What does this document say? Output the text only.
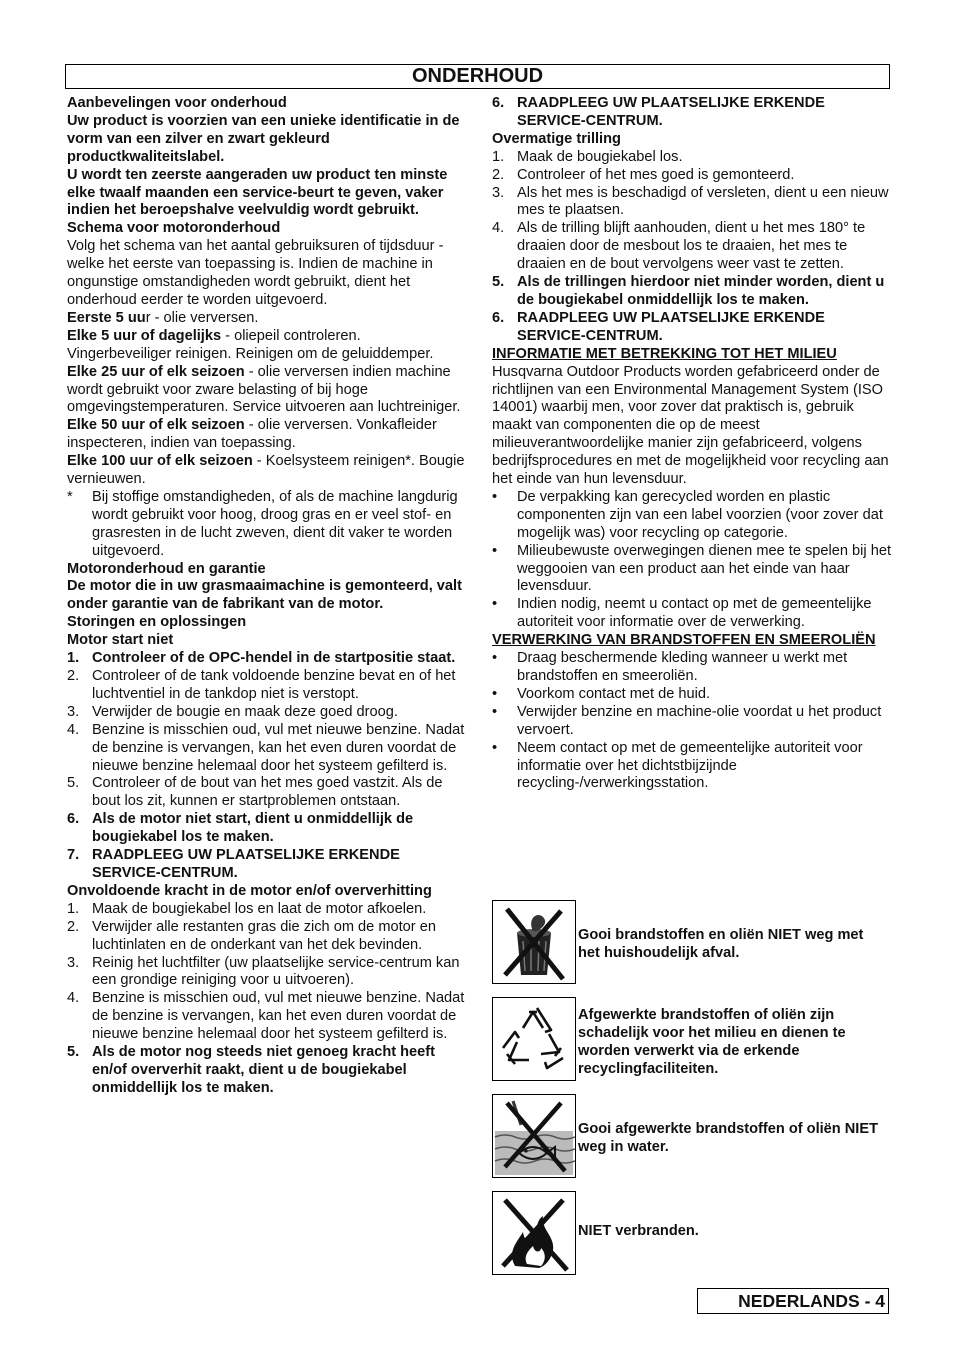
ONDERHOUD

Aanbevelingen voor onderhoud

Uw product is voorzien van een unieke identificatie in de vorm van een zilver en zwart gekleurd productkwaliteitslabel.

U wordt ten zeerste aangeraden uw product ten minste elke twaalf maanden een service-beurt te geven, vaker indien het beroepshalve veelvuldig wordt gebruikt.

Schema voor motoronderhoud

Volg het schema van het aantal gebruiksuren of tijdsduur - welke het eerste van toepassing is. Indien de machine in ongunstige omstandigheden wordt gebruikt, dient het onderhoud eerder te worden uitgevoerd.

Eerste 5 uur - olie verversen.

Elke 5 uur of dagelijks - oliepeil controleren. Vingerbeveiliger reinigen. Reinigen om de geluiddemper.

Elke 25 uur of elk seizoen - olie verversen indien machine wordt gebruikt voor zware belasting of bij hoge omgevingstemperaturen. Service uitvoeren aan luchtreiniger.

Elke 50 uur of elk seizoen - olie verversen. Vonkafleider inspecteren, indien van toepassing.

Elke 100 uur of elk seizoen - Koelsysteem reinigen*. Bougie vernieuwen.

* Bij stoffige omstandigheden, of als de machine langdurig wordt gebruikt voor hoog, droog gras en er veel stof- en grasresten in de lucht zweven, dient dit vaker te worden uitgevoerd.

Motoronderhoud en garantie

De motor die in uw grasmaaimachine is gemonteerd, valt onder garantie van de fabrikant van de motor.

Storingen en oplossingen

Motor start niet

1. Controleer of de OPC-hendel in de startpositie staat.
2. Controleer of de tank voldoende benzine bevat en of het luchtventiel in de tankdop niet is verstopt.
3. Verwijder de bougie en maak deze goed droog.
4. Benzine is misschien oud, vul met nieuwe benzine. Nadat de benzine is vervangen, kan het even duren voordat de nieuwe benzine helemaal door het systeem gefilterd is.
5. Controleer of de bout van het mes goed vastzit. Als de bout los zit, kunnen er startproblemen ontstaan.
6. Als de motor niet start, dient u onmiddellijk de bougiekabel los te maken.
7. RAADPLEEG UW PLAATSELIJKE ERKENDE SERVICE-CENTRUM.

Onvoldoende kracht in de motor en/of oververhitting

1. Maak de bougiekabel los en laat de motor afkoelen.
2. Verwijder alle restanten gras die zich om de motor en luchtinlaten en de onderkant van het dek bevinden.
3. Reinig het luchtfilter (uw plaatselijke service-centrum kan een grondige reiniging voor u uitvoeren).
4. Benzine is misschien oud, vul met nieuwe benzine. Nadat de benzine is vervangen, kan het even duren voordat de nieuwe benzine helemaal door het systeem gefilterd is.
5. Als de motor nog steeds niet genoeg kracht heeft en/of oververhit raakt, dient u de bougiekabel onmiddellijk los te maken.
6. RAADPLEEG UW PLAATSELIJKE ERKENDE SERVICE-CENTRUM.

Overmatige trilling

1. Maak de bougiekabel los.
2. Controleer of het mes goed is gemonteerd.
3. Als het mes is beschadigd of versleten, dient u een nieuw mes te plaatsen.
4. Als de trilling blijft aanhouden, dient u het mes 180° te draaien door de mesbout los te draaien, het mes te draaien en de bout vervolgens weer vast te zetten.
5. Als de trillingen hierdoor niet minder worden, dient u de bougiekabel onmiddellijk los te maken.
6. RAADPLEEG UW PLAATSELIJKE ERKENDE SERVICE-CENTRUM.

INFORMATIE MET BETREKKING TOT HET MILIEU

Husqvarna Outdoor Products worden gefabriceerd onder de richtlijnen van een Environmental Management System (ISO 14001) waarbij men, voor zover dat praktisch is, gebruik maakt van componenten die op de meest milieuverantwoordelijke manier zijn gefabriceerd, volgens bedrijfsprocedures en met de mogelijkheid voor recycling aan het einde van hun levensduur.

• De verpakking kan gerecycled worden en plastic componenten zijn van een label voorzien (voor zover dat mogelijk was) voor recycling op categorie.
• Milieubewuste overwegingen dienen mee te spelen bij het weggooien van een product aan het einde van haar levensduur.
• Indien nodig, neemt u contact op met de gemeentelijke autoriteit voor informatie over de verwerking.

VERWERKING VAN BRANDSTOFFEN EN SMEEROLIËN

• Draag beschermende kleding wanneer u werkt met brandstoffen en smeeroliën.
• Voorkom contact met de huid.
• Verwijder benzine en machine-olie voordat u het product vervoert.
• Neem contact op met de gemeentelijke autoriteit voor informatie over het dichtstbijzijnde recycling-/verwerkingsstation.
Gooi brandstoffen en oliën NIET weg met het huishoudelijk afval.
Afgewerkte brandstoffen of oliën zijn schadelijk voor het milieu en dienen te worden verwerkt via de erkende recyclingfaciliteiten.
Gooi afgewerkte brandstoffen of oliën NIET weg in water.
NIET verbranden.
NEDERLANDS - 4
